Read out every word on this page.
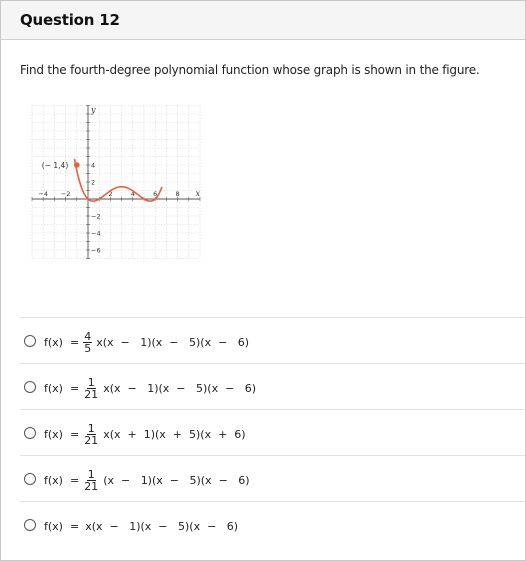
Question 12
Find the fourth-degree polynomial function whose graph is shown in the figure.
−4 −2	2	4	6	8
4
2
−2
−4
−6
(− 1,4)
y
x
$f(x) = \frac{4}{5} x(x - 1)(x - 5)(x - 6)$
$f(x) = \frac{1}{21} x(x - 1)(x - 5)(x - 6)$
$f(x) = \frac{1}{21} x(x + 1)(x + 5)(x + 6)$
$f(x) = \frac{1}{21} (x - 1)(x - 5)(x - 6)$
f(x)  = x(x  −   1)(x  −   5)(x  −   6)
